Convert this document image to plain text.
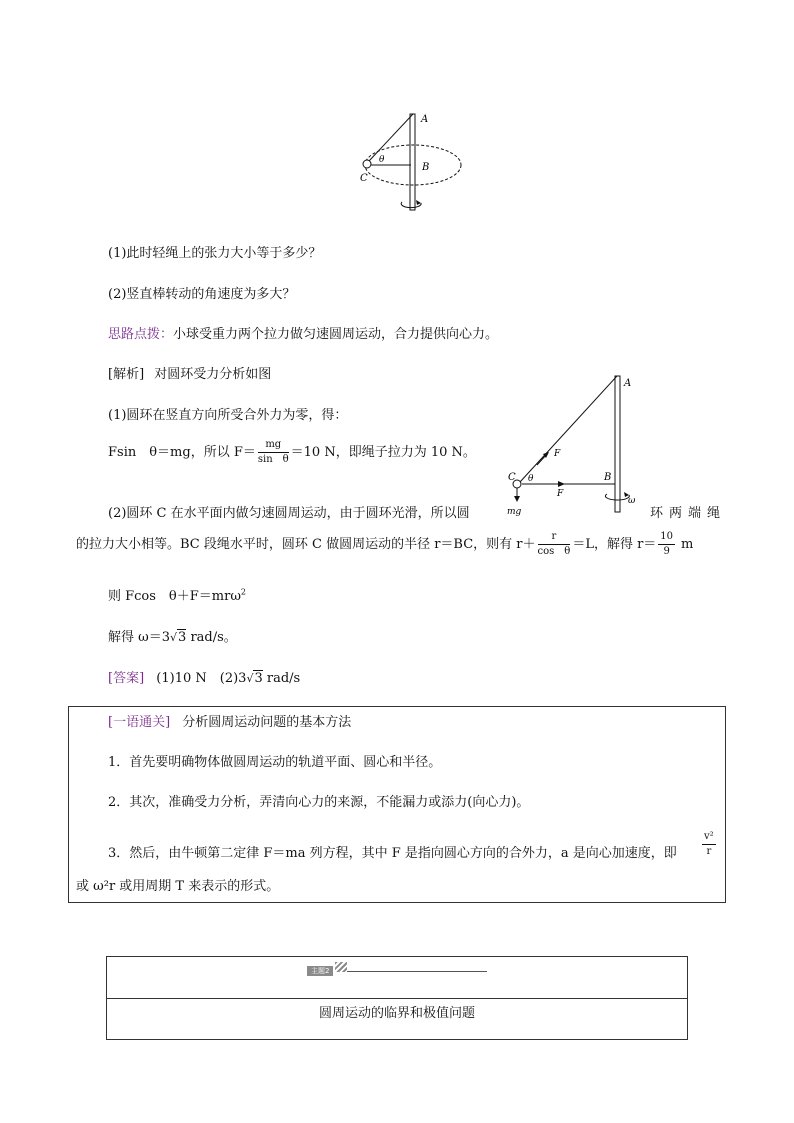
A
B
C
θ
(1)此时轻绳上的张力大小等于多少？
(2)竖直棒转动的角速度为多大？
思路点拨：小球受重力两个拉力做匀速圆周运动，合力提供向心力。
[解析] 对圆环受力分析如图
(1)圆环在竖直方向所受合外力为零，得：
Fsin　θ＝mg，所以 $F= \frac{mg}{\text{sin　θ}} =10$ N，即绳子拉力为 10 N。
(2)圆环 C 在水平面内做匀速圆周运动，由于圆环光滑，所以圆	环两端绳
的拉力大小相等。BC 段绳水平时，圆环 C 做圆周运动的半径 r＝BC，则有 $r+ \frac{r}{\text{cos　θ}} =L$，解得 $r= \frac{10}{9}$ m
则 Fcos　θ＋F＝mrω$^2$
解得 ω＝3√3 rad/s。
A
B
C
F
F
θ
ω
mg
[答案] (1)10 N　(2)3√3 rad/s
[一语通关] 分析圆周运动问题的基本方法
1．首先要明确物体做圆周运动的轨道平面、圆心和半径。
2．其次，准确受力分析，弄清向心力的来源，不能漏力或添力(向心力)。
3．然后，由牛顿第二定律 F＝ma 列方程，其中 F 是指向圆心方向的合外力，a 是向心加速度，即	$\frac{\text{v²}}{r}$
或 ω²r 或用周期 T 来表示的形式。
主题2
圆周运动的临界和极值问题
